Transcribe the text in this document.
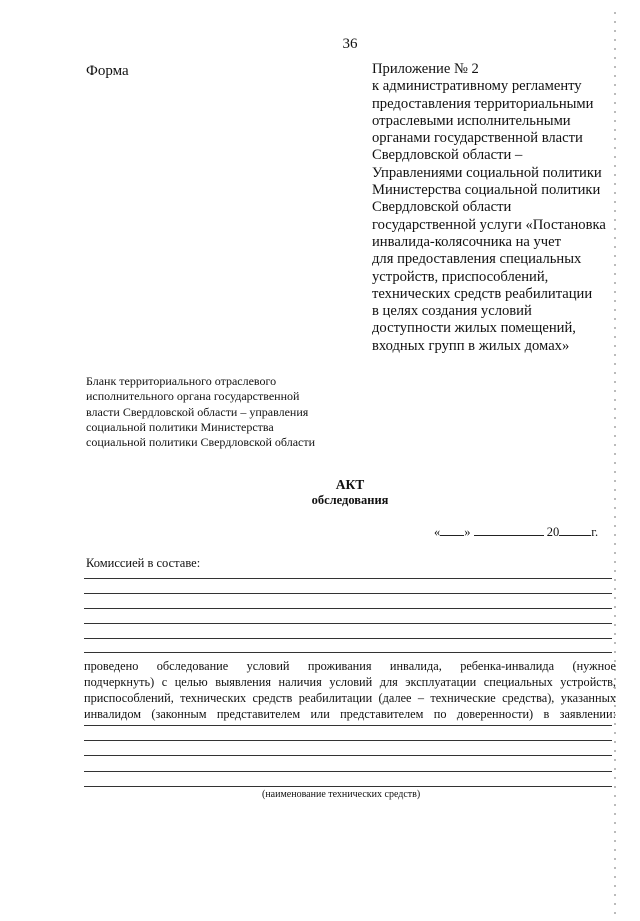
36
Форма	Приложение № 2
к административному регламенту
предоставления территориальными
отраслевыми исполнительными
органами государственной власти
Свердловской области –
Управлениями социальной политики
Министерства социальной политики
Свердловской области
государственной услуги «Постановка
инвалида-колясочника на учет
для предоставления специальных
устройств, приспособлений,
технических средств реабилитации
в целях создания условий
доступности жилых помещений,
входных групп в жилых домах»
Бланк территориального отраслевого
исполнительного органа государственной
власти Свердловской области – управления
социальной политики Министерства
социальной политики Свердловской области
АКТ
обследования
« »	20	г.
Комиссией в составе:
проведено обследование условий проживания инвалида, ребенка-инвалида (нужное
подчеркнуть) с целью выявления наличия условий для эксплуатации специальных устройств,
приспособлений, технических средств реабилитации (далее – технические средства), указанных
инвалидом (законным представителем или представителем по доверенности) в заявлении:
(наименование технических средств)
